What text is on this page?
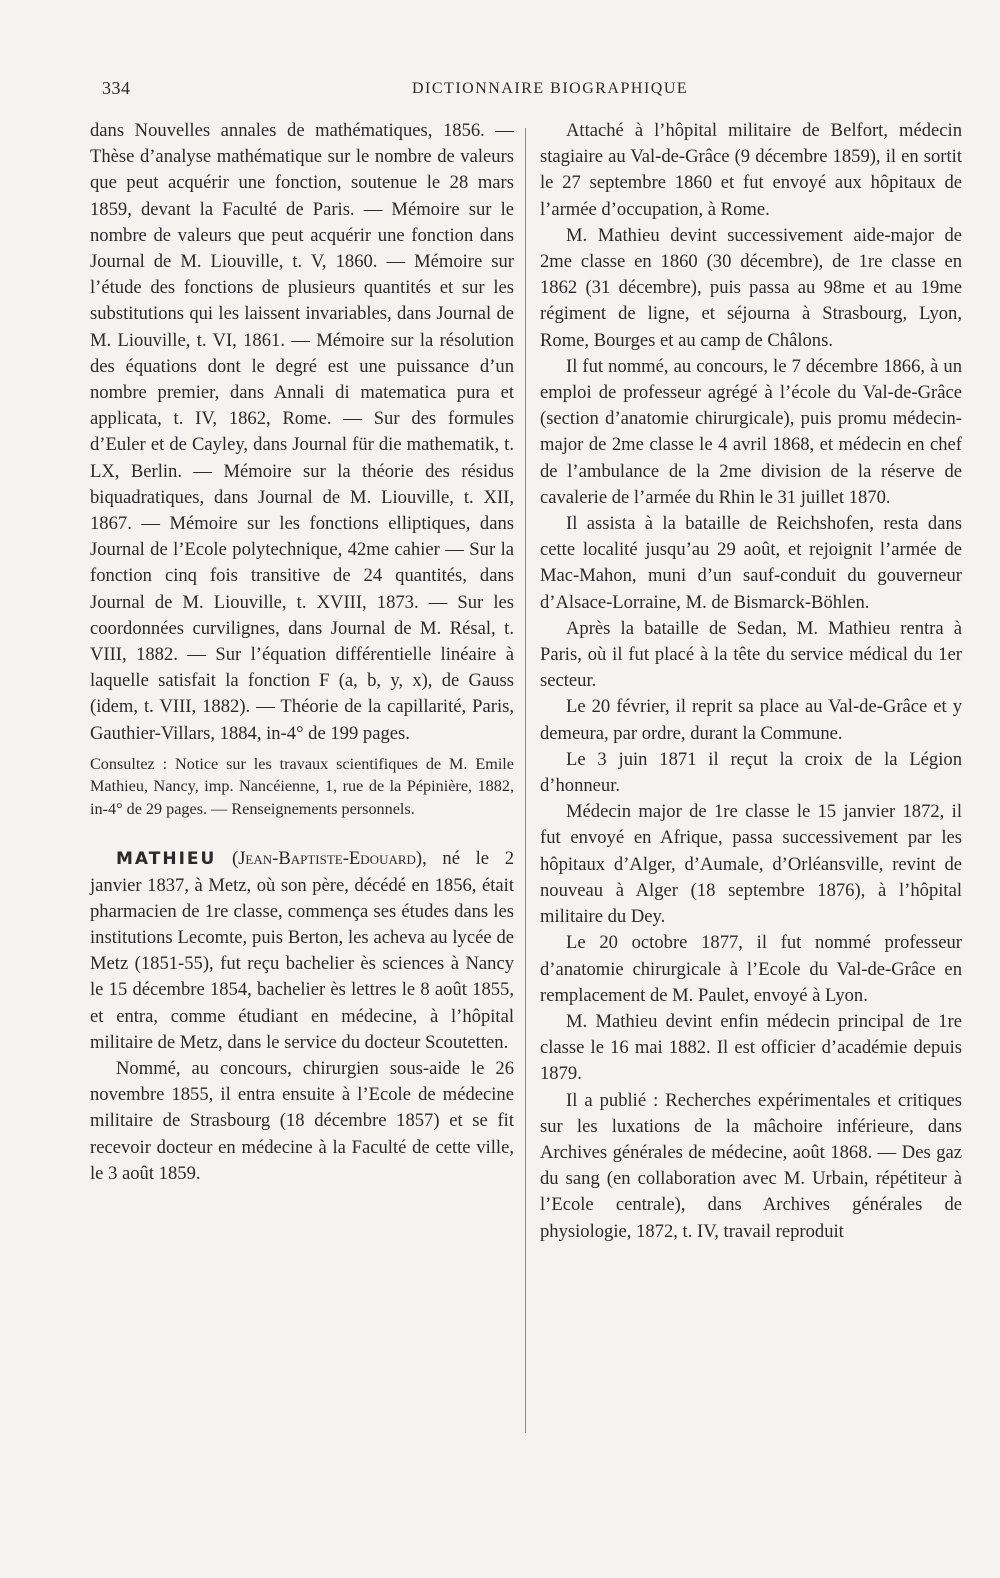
334	DICTIONNAIRE BIOGRAPHIQUE

dans Nouvelles annales de mathématiques, 1856. — Thèse d’analyse mathématique sur le nombre de valeurs que peut acquérir une fonction, soutenue le 28 mars 1859, devant la Faculté de Paris. — Mémoire sur le nombre de valeurs que peut acquérir une fonction dans Journal de M. Liouville, t. V, 1860. — Mémoire sur l’étude des fonctions de plusieurs quantités et sur les substitutions qui les laissent invariables, dans Journal de M. Liouville, t. VI, 1861. — Mémoire sur la résolution des équations dont le degré est une puissance d’un nombre premier, dans Annali di matematica pura et applicata, t. IV, 1862, Rome. — Sur des formules d’Euler et de Cayley, dans Journal für die mathematik, t. LX, Berlin. — Mémoire sur la théorie des résidus biquadratiques, dans Journal de M. Liouville, t. XII, 1867. — Mémoire sur les fonctions elliptiques, dans Journal de l’Ecole polytechnique, 42me cahier — Sur la fonction cinq fois transitive de 24 quantités, dans Journal de M. Liouville, t. XVIII, 1873. — Sur les coordonnées curvilignes, dans Journal de M. Résal, t. VIII, 1882. — Sur l’équation différentielle linéaire à laquelle satisfait la fonction F (a, b, y, x), de Gauss (idem, t. VIII, 1882). — Théorie de la capillarité, Paris, Gauthier-Villars, 1884, in-4° de 199 pages.

Consultez : Notice sur les travaux scientifiques de M. Emile Mathieu, Nancy, imp. Nancéienne, 1, rue de la Pépinière, 1882, in-4° de 29 pages. — Renseignements personnels.

MATHIEU (Jean-Baptiste-Edouard), né le 2 janvier 1837, à Metz, où son père, décédé en 1856, était pharmacien de 1re classe, commença ses études dans les institutions Lecomte, puis Berton, les acheva au lycée de Metz (1851-55), fut reçu bachelier ès sciences à Nancy le 15 décembre 1854, bachelier ès lettres le 8 août 1855, et entra, comme étudiant en médecine, à l’hôpital militaire de Metz, dans le service du docteur Scoutetten.

Nommé, au concours, chirurgien sous-aide le 26 novembre 1855, il entra ensuite à l’Ecole de médecine militaire de Strasbourg (18 décembre 1857) et se fit recevoir docteur en médecine à la Faculté de cette ville, le 3 août 1859.

Attaché à l’hôpital militaire de Belfort, médecin stagiaire au Val-de-Grâce (9 décembre 1859), il en sortit le 27 septembre 1860 et fut envoyé aux hôpitaux de l’armée d’occupation, à Rome.

M. Mathieu devint successivement aide-major de 2me classe en 1860 (30 décembre), de 1re classe en 1862 (31 décembre), puis passa au 98me et au 19me régiment de ligne, et séjourna à Strasbourg, Lyon, Rome, Bourges et au camp de Châlons.

Il fut nommé, au concours, le 7 décembre 1866, à un emploi de professeur agrégé à l’école du Val-de-Grâce (section d’anatomie chirurgicale), puis promu médecin-major de 2me classe le 4 avril 1868, et médecin en chef de l’ambulance de la 2me division de la réserve de cavalerie de l’armée du Rhin le 31 juillet 1870.

Il assista à la bataille de Reichshofen, resta dans cette localité jusqu’au 29 août, et rejoignit l’armée de Mac-Mahon, muni d’un sauf-conduit du gouverneur d’Alsace-Lorraine, M. de Bismarck-Böhlen.

Après la bataille de Sedan, M. Mathieu rentra à Paris, où il fut placé à la tête du service médical du 1er secteur.

Le 20 février, il reprit sa place au Val-de-Grâce et y demeura, par ordre, durant la Commune.

Le 3 juin 1871 il reçut la croix de la Légion d’honneur.

Médecin major de 1re classe le 15 janvier 1872, il fut envoyé en Afrique, passa successivement par les hôpitaux d’Alger, d’Aumale, d’Orléansville, revint de nouveau à Alger (18 septembre 1876), à l’hôpital militaire du Dey.

Le 20 octobre 1877, il fut nommé professeur d’anatomie chirurgicale à l’Ecole du Val-de-Grâce en remplacement de M. Paulet, envoyé à Lyon.

M. Mathieu devint enfin médecin principal de 1re classe le 16 mai 1882. Il est officier d’académie depuis 1879.

Il a publié : Recherches expérimentales et critiques sur les luxations de la mâchoire inférieure, dans Archives générales de médecine, août 1868. — Des gaz du sang (en collaboration avec M. Urbain, répétiteur à l’Ecole centrale), dans Archives générales de physiologie, 1872, t. IV, travail reproduit
